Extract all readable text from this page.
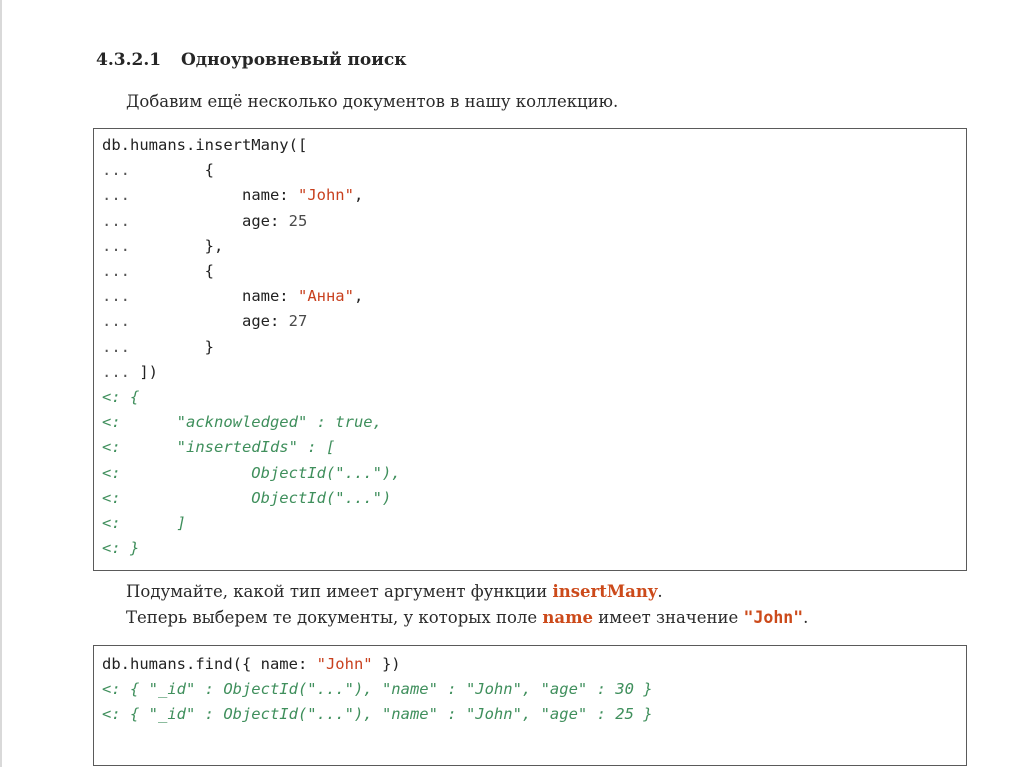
4.3.2.1 Одноуровневый поиск
Добавим ещё несколько документов в нашу коллекцию.
db.humans.insertMany([
...        {
...            name: "John",
...            age: 25
...        },
...        {
...            name: "Анна",
...            age: 27
...        }
... ])
<: {
<:      "acknowledged" : true,
<:      "insertedIds" : [
<:              ObjectId("..."),
<:              ObjectId("...")
<:      ]
<: }
Подумайте, какой тип имеет аргумент функции insertMany.
Теперь выберем те документы, у которых поле name имеет значение "John".
db.humans.find({ name: "John" })
<: { "_id" : ObjectId("..."), "name" : "John", "age" : 30 }
<: { "_id" : ObjectId("..."), "name" : "John", "age" : 25 }
